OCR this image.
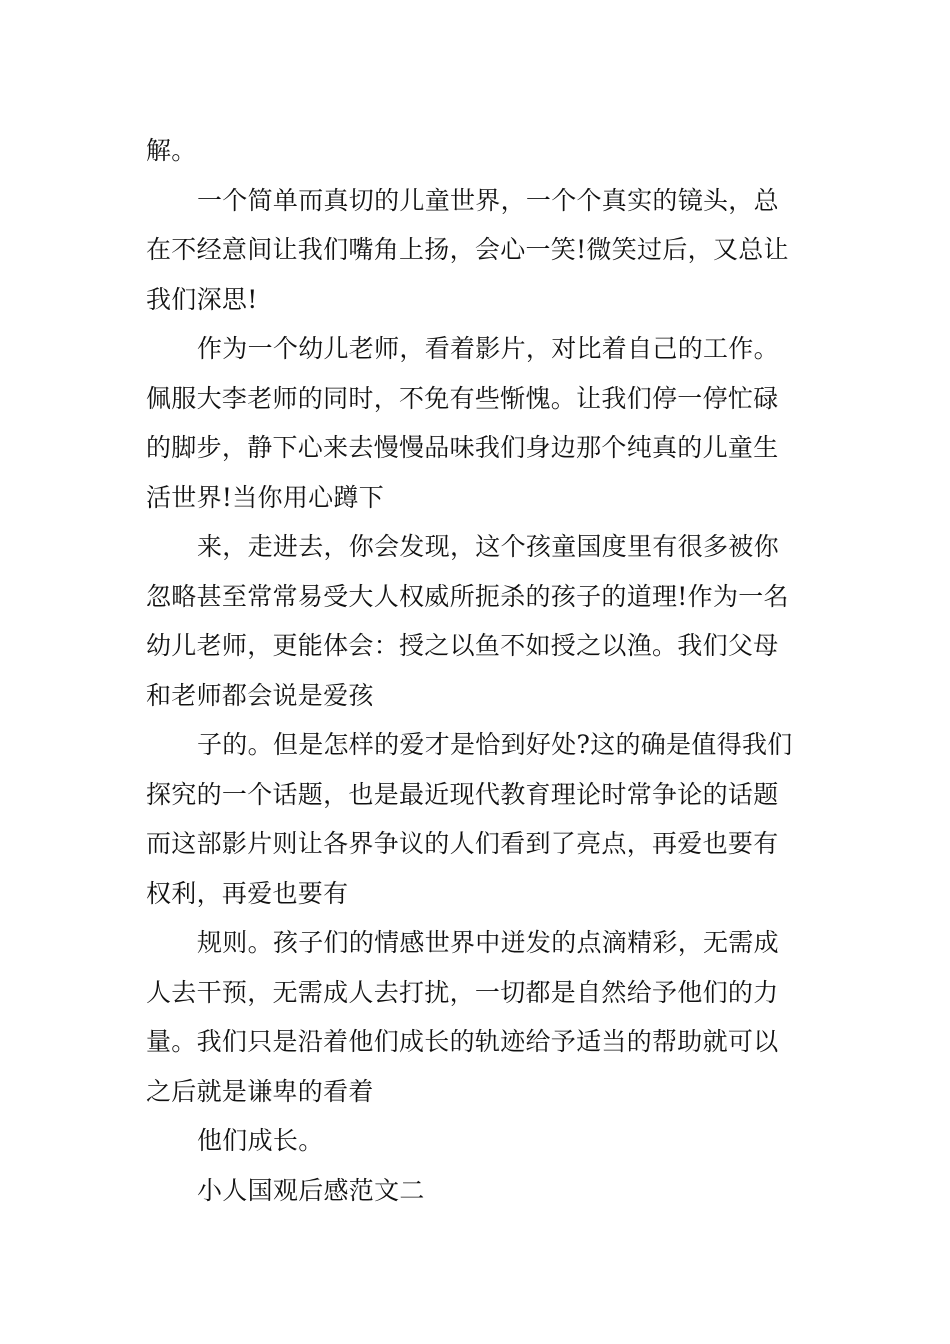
解。
一个简单而真切的儿童世界，一个个真实的镜头，总
在不经意间让我们嘴角上扬，会心一笑!微笑过后，又总让
我们深思!
作为一个幼儿老师，看着影片，对比着自己的工作。
佩服大李老师的同时，不免有些惭愧。让我们停一停忙碌
的脚步，静下心来去慢慢品味我们身边那个纯真的儿童生
活世界!当你用心蹲下
来，走进去，你会发现，这个孩童国度里有很多被你
忽略甚至常常易受大人权威所扼杀的孩子的道理!作为一名
幼儿老师，更能体会：授之以鱼不如授之以渔。我们父母
和老师都会说是爱孩
子的。但是怎样的爱才是恰到好处?这的确是值得我们
探究的一个话题，也是最近现代教育理论时常争论的话题
而这部影片则让各界争议的人们看到了亮点，再爱也要有
权利，再爱也要有
规则。孩子们的情感世界中迸发的点滴精彩，无需成
人去干预，无需成人去打扰，一切都是自然给予他们的力
量。我们只是沿着他们成长的轨迹给予适当的帮助就可以
之后就是谦卑的看着
他们成长。
小人国观后感范文二
